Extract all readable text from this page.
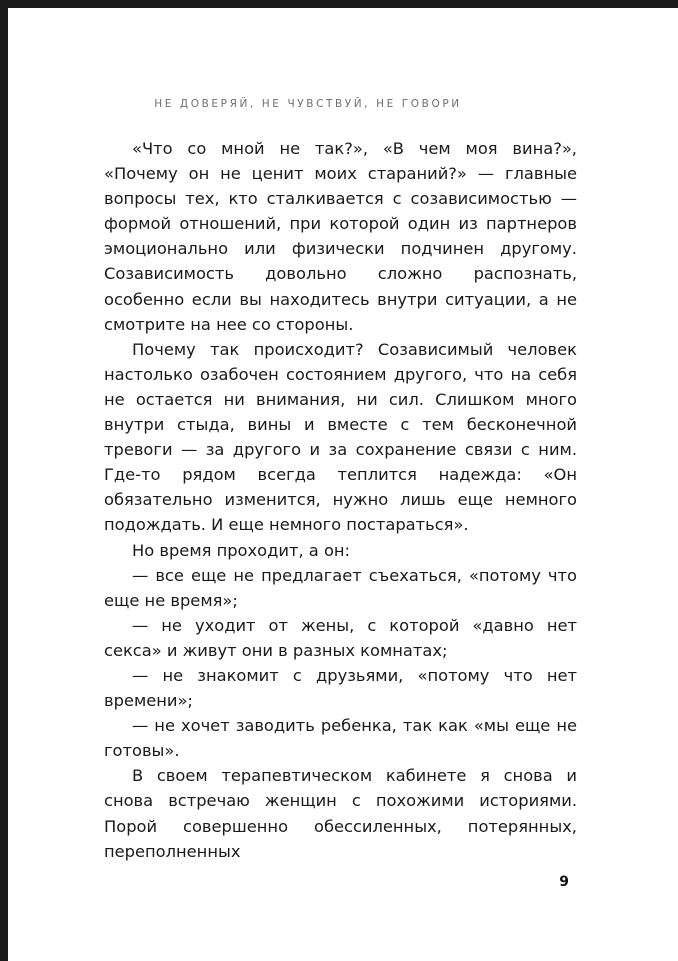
НЕ ДОВЕРЯЙ, НЕ ЧУВСТВУЙ, НЕ ГОВОРИ

«Что со мной не так?», «В чем моя вина?», «Почему он не ценит моих стараний?» — главные вопросы тех, кто сталкивается с созависимостью — формой отношений, при которой один из партнеров эмоционально или физически подчинен другому. Созависимость довольно сложно распознать, особенно если вы находитесь внутри ситуации, а не смотрите на нее со стороны.

Почему так происходит? Созависимый человек настолько озабочен состоянием другого, что на себя не остается ни внимания, ни сил. Слишком много внутри стыда, вины и вместе с тем бесконечной тревоги — за другого и за сохранение связи с ним. Где-то рядом всегда теплится надежда: «Он обязательно изменится, нужно лишь еще немного подождать. И еще немного постараться».

Но время проходит, а он:

— все еще не предлагает съехаться, «потому что еще не время»;

— не уходит от жены, с которой «давно нет секса» и живут они в разных комнатах;

— не знакомит с друзьями, «потому что нет времени»;

— не хочет заводить ребенка, так как «мы еще не готовы».

В своем терапевтическом кабинете я снова и снова встречаю женщин с похожими историями. Порой совершенно обессиленных, потерянных, переполненных

9
